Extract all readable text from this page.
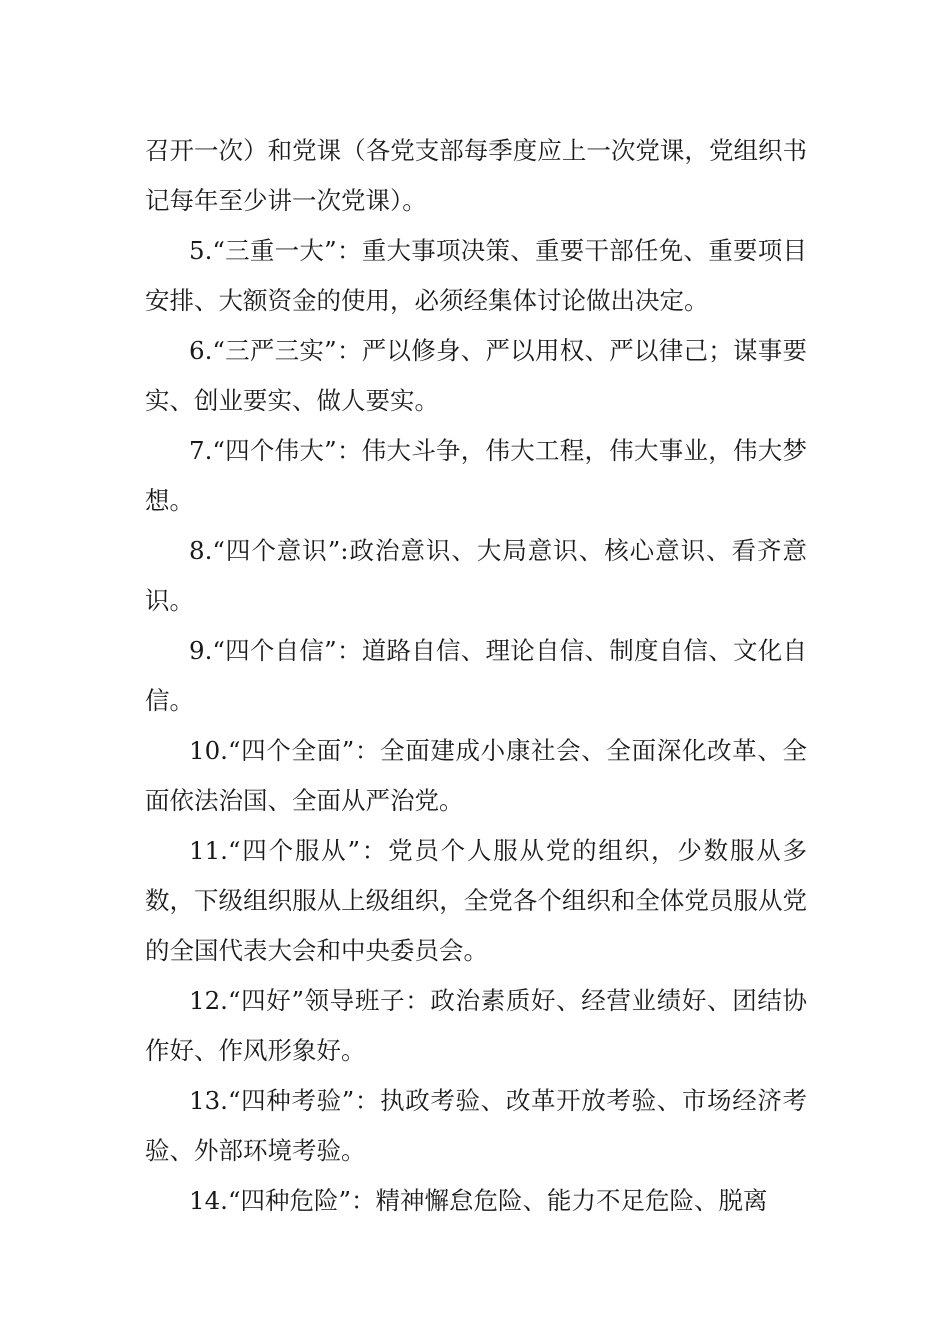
召开一次）和党课（各党支部每季度应上一次党课，党组织书记每年至少讲一次党课）。

5.“三重一大”：重大事项决策、重要干部任免、重要项目安排、大额资金的使用，必须经集体讨论做出决定。

6.“三严三实”：严以修身、严以用权、严以律己；谋事要实、创业要实、做人要实。

7.“四个伟大”：伟大斗争，伟大工程，伟大事业，伟大梦想。

8.“四个意识”:政治意识、大局意识、核心意识、看齐意识。

9.“四个自信”：道路自信、理论自信、制度自信、文化自信。

10.“四个全面”：全面建成小康社会、全面深化改革、全面依法治国、全面从严治党。

11.“四个服从”：党员个人服从党的组织，少数服从多数，下级组织服从上级组织，全党各个组织和全体党员服从党的全国代表大会和中央委员会。

12.“四好”领导班子：政治素质好、经营业绩好、团结协作好、作风形象好。

13.“四种考验”：执政考验、改革开放考验、市场经济考验、外部环境考验。

14.“四种危险”：精神懈怠危险、能力不足危险、脱离
